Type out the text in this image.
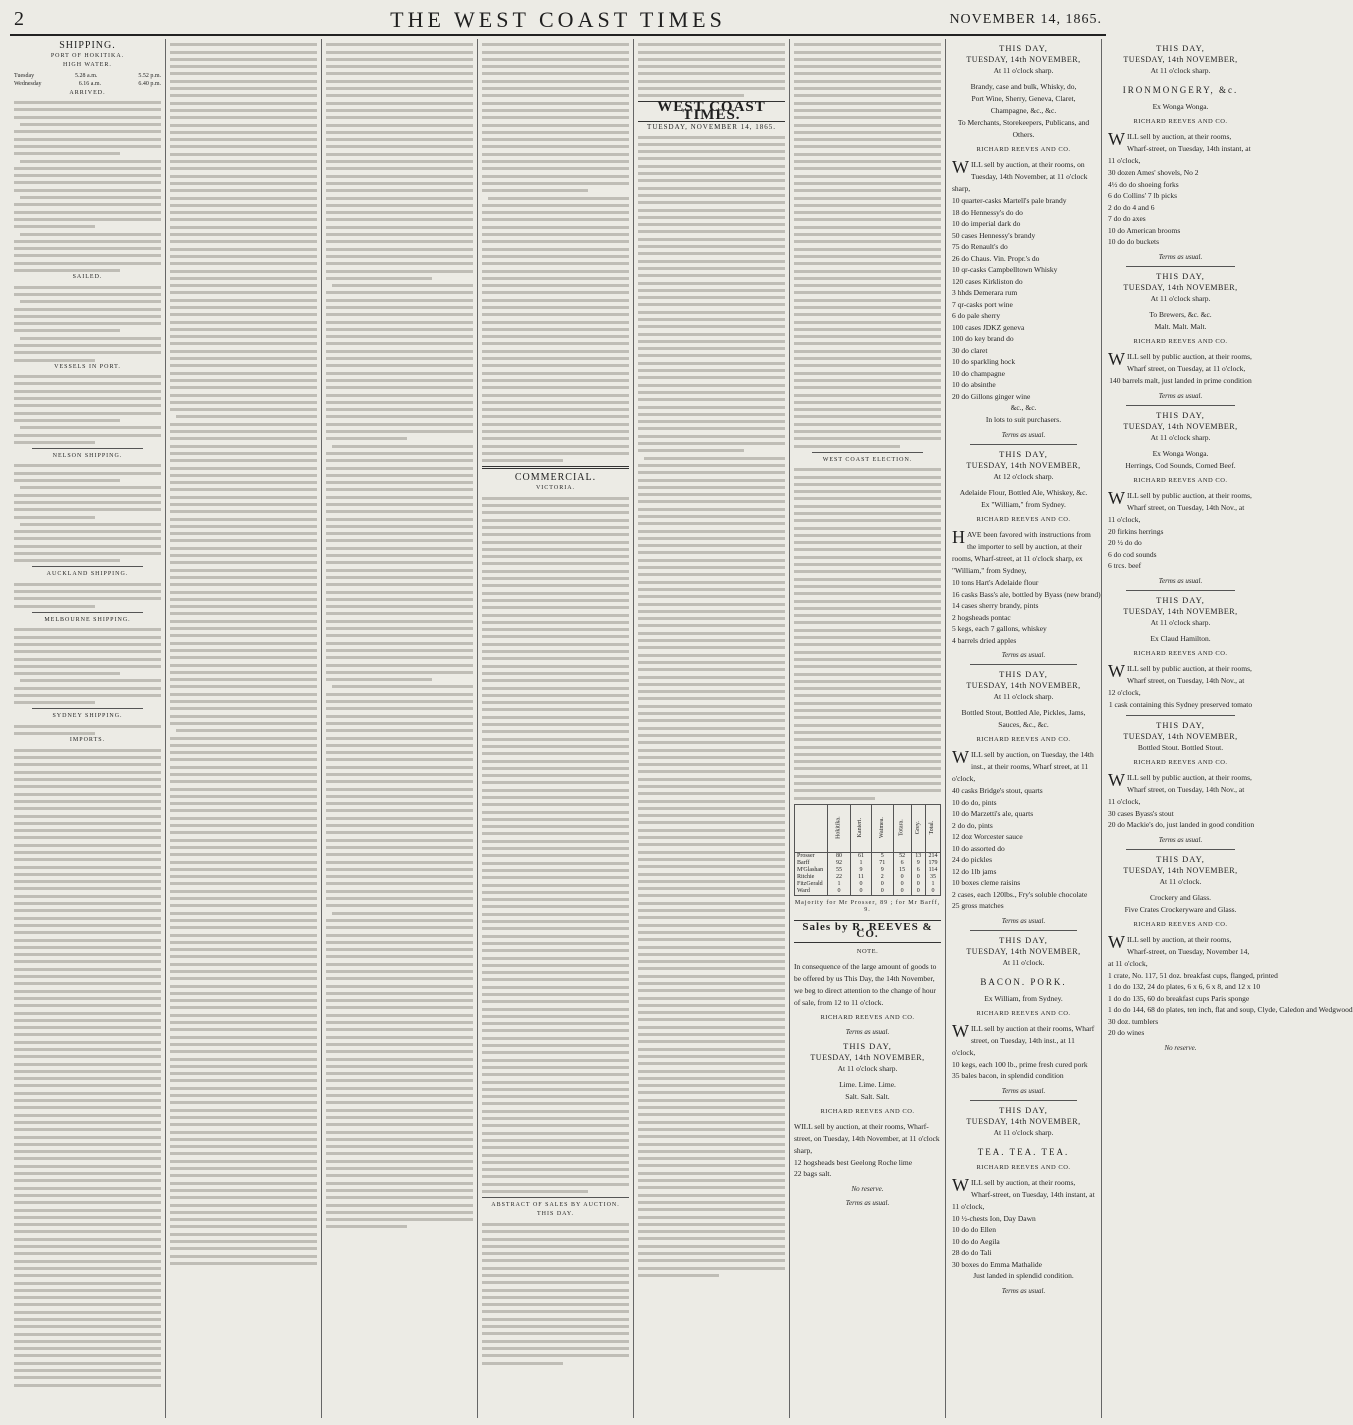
2	THE WEST COAST TIMES	NOVEMBER 14, 1865.
SHIPPING.
PORT OF HOKITIKA.
HIGH WATER.
Tuesday	5.28 a.m.	5.52 p.m.
Wednesday	6.16 a.m.	6.40 p.m.
ARRIVED.
SAILED.
VESSELS IN PORT.
NELSON SHIPPING.
AUCKLAND SHIPPING.
MELBOURNE SHIPPING.
SYDNEY SHIPPING.
IMPORTS.
COMMERCIAL.
VICTORIA.
ABSTRACT OF SALES BY AUCTION.
THIS DAY.
WEST COAST TIMES.
TUESDAY, NOVEMBER 14, 1865.
WEST COAST ELECTION.
	Hokitika.	Kanieri.	Waimea.	Totara.	Grey.	Total.
Prosser	80	61	5	52	13	214
Barff	92	1	71	6	9	179
M'Glashan	55	9	9	15	6	114
Ritchie	22	11	2	0	0	35
FitzGerald	1	0	0	0	0	1
Ward	0	0	0	0	0	0
Majority for Mr Prosser, 89 ; for Mr Barff, 9.
Sales by R. REEVES & CO.
NOTE.
In consequence of the large amount of goods to be offered by us This Day, the 14th November, we beg to direct attention to the change of hour of sale, from 12 to 11 o'clock.
RICHARD REEVES AND CO.
Terms as usual.
THIS DAY,
TUESDAY, 14th NOVEMBER,
At 11 o'clock sharp.
Lime. Lime. Lime.
Salt. Salt. Salt.
RICHARD REEVES AND CO.
WILL sell by auction, at their rooms, Wharf-street, on Tuesday, 14th November, at 11 o'clock sharp,
12 hogsheads best Geelong Roche lime
22 bags salt.
No reserve.
Terms as usual.
THIS DAY,
TUESDAY, 14th NOVEMBER,
At 11 o'clock sharp.
Brandy, case and bulk, Whisky, do,
Port Wine, Sherry, Geneva, Claret,
Champagne, &c., &c.
To Merchants, Storekeepers, Publicans, and Others.
RICHARD REEVES AND CO.
WILL sell by auction, at their rooms, on Tuesday, 14th November, at 11 o'clock sharp,
10 quarter-casks Martell's pale brandy
18 do Hennessy's do do
10 do imperial dark do
50 cases Hennessy's brandy
75 do Renault's do
26 do Chaus. Vin. Propr.'s do
10 qr-casks Campbelltown Whisky
120 cases Kirkliston do
3 hhds Demerara rum
7 qr-casks port wine
6 do pale sherry
100 cases JDKZ geneva
100 do key brand do
30 do claret
10 do sparkling hock
10 do champagne
10 do absinthe
20 do Gillons ginger wine
&c., &c.
In lots to suit purchasers.
Terms as usual.
THIS DAY,
TUESDAY, 14th NOVEMBER,
At 12 o'clock sharp.
Adelaide Flour, Bottled Ale, Whiskey, &c.
Ex "William," from Sydney.
RICHARD REEVES AND CO.
HAVE been favored with instructions from the importer to sell by auction, at their rooms, Wharf-street, at 11 o'clock sharp, ex "William," from Sydney,
10 tons Hart's Adelaide flour
16 casks Bass's ale, bottled by Byass (new brand)
14 cases sherry brandy, pints
2 hogsheads pontac
5 kegs, each 7 gallons, whiskey
4 barrels dried apples
Terms as usual.
THIS DAY,
TUESDAY, 14th NOVEMBER,
At 11 o'clock sharp.
Bottled Stout, Bottled Ale, Pickles, Jams, Sauces, &c., &c.
RICHARD REEVES AND CO.
WILL sell by auction, on Tuesday, the 14th inst., at their rooms, Wharf street, at 11 o'clock,
40 casks Bridge's stout, quarts
10 do do, pints
10 do Marzetti's ale, quarts
2 do do, pints
12 doz Worcester sauce
10 do assorted do
24 do pickles
12 do 1lb jams
10 boxes cleme raisins
2 cases, each 120lbs., Fry's soluble chocolate
25 gross matches
Terms as usual.
THIS DAY,
TUESDAY, 14th NOVEMBER,
At 11 o'clock.
BACON. PORK.
Ex William, from Sydney.
RICHARD REEVES AND CO.
WILL sell by auction at their rooms, Wharf street, on Tuesday, 14th inst., at 11 o'clock,
10 kegs, each 100 lb., prime fresh cured pork
35 bales bacon, in splendid condition
Terms as usual.
THIS DAY,
TUESDAY, 14th NOVEMBER,
At 11 o'clock sharp.
TEA. TEA. TEA.
RICHARD REEVES AND CO.
WILL sell by auction, at their rooms, Wharf-street, on Tuesday, 14th instant, at 11 o'clock,
10 ½-chests Ion, Day Dawn
10 do do Ellen
10 do do Aegila
28 do do Tali
30 boxes do Emma Mathalide
Just landed in splendid condition.
Terms as usual.
THIS DAY,
TUESDAY, 14th NOVEMBER,
At 11 o'clock sharp.
IRONMONGERY, &c.
Ex Wonga Wonga.
RICHARD REEVES AND CO.
WILL sell by auction, at their rooms, Wharf-street, on Tuesday, 14th instant, at 11 o'clock,
30 dozen Ames' shovels, No 2
4½ do do shoeing forks
6 do Collins' 7 lb picks
2 do do 4 and 6
7 do do axes
10 do American brooms
10 do do buckets
Terms as usual.
THIS DAY,
TUESDAY, 14th NOVEMBER,
At 11 o'clock sharp.
To Brewers, &c. &c.
Malt. Malt. Malt.
RICHARD REEVES AND CO.
WILL sell by public auction, at their rooms, Wharf street, on Tuesday, at 11 o'clock,
140 barrels malt, just landed in prime condition
Terms as usual.
THIS DAY,
TUESDAY, 14th NOVEMBER,
At 11 o'clock sharp.
Ex Wonga Wonga.
Herrings, Cod Sounds, Corned Beef.
RICHARD REEVES AND CO.
WILL sell by public auction, at their rooms, Wharf street, on Tuesday, 14th Nov., at 11 o'clock,
20 firkins herrings
20 ½ do do
6 do cod sounds
6 trcs. beef
Terms as usual.
THIS DAY,
TUESDAY, 14th NOVEMBER,
At 11 o'clock sharp.
Ex Claud Hamilton.
RICHARD REEVES AND CO.
WILL sell by public auction, at their rooms, Wharf street, on Tuesday, 14th Nov., at 12 o'clock,
1 cask containing this Sydney preserved tomato
THIS DAY,
TUESDAY, 14th NOVEMBER,
Bottled Stout. Bottled Stout.
RICHARD REEVES AND CO.
WILL sell by public auction, at their rooms, Wharf street, on Tuesday, 14th Nov., at 11 o'clock,
30 cases Byass's stout
20 do Mackie's do, just landed in good condition
Terms as usual.
THIS DAY,
TUESDAY, 14th NOVEMBER,
At 11 o'clock.
Crockery and Glass.
Five Crates Crockeryware and Glass.
RICHARD REEVES AND CO.
WILL sell by auction, at their rooms, Wharf-street, on Tuesday, November 14, at 11 o'clock,
1 crate, No. 117, 51 doz. breakfast cups, flanged, printed
1 do do 132, 24 do plates, 6 x 6, 6 x 8, and 12 x 10
1 do do 135, 60 do breakfast cups Paris sponge
1 do do 144, 68 do plates, ten inch, flat and soup, Clyde, Caledon and Wedgwood
30 doz. tumblers
20 do wines
No reserve.
